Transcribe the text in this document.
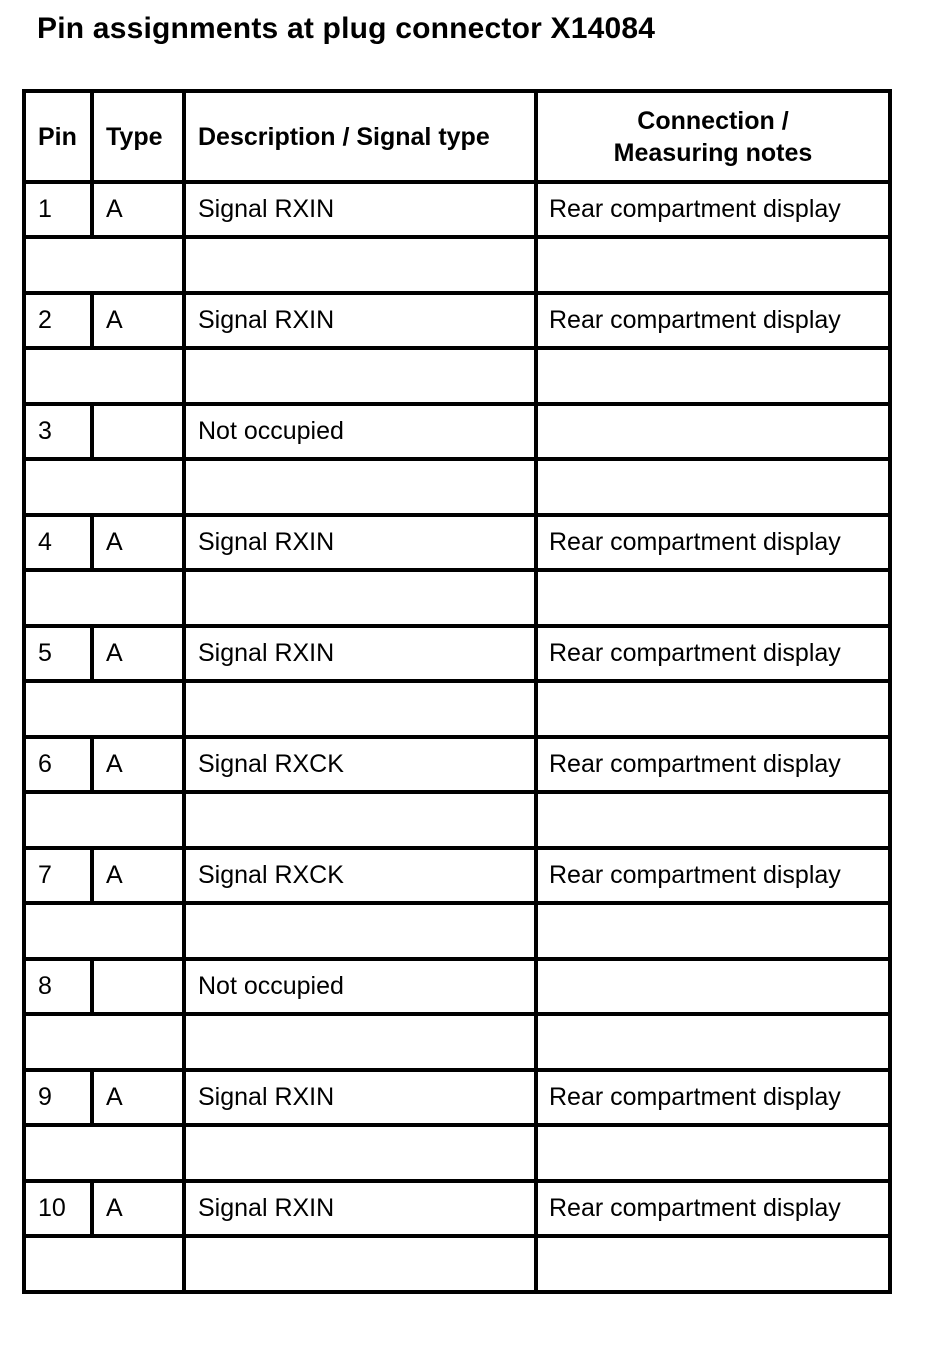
Pin assignments at plug connector X14084
Pin	Type	Description / Signal type	Connection /
Measuring notes

1	A	Signal RXIN	Rear compartment display

2	A	Signal RXIN	Rear compartment display

3		Not occupied	

4	A	Signal RXIN	Rear compartment display

5	A	Signal RXIN	Rear compartment display

6	A	Signal RXCK	Rear compartment display

7	A	Signal RXCK	Rear compartment display

8		Not occupied	

9	A	Signal RXIN	Rear compartment display

10	A	Signal RXIN	Rear compartment display
